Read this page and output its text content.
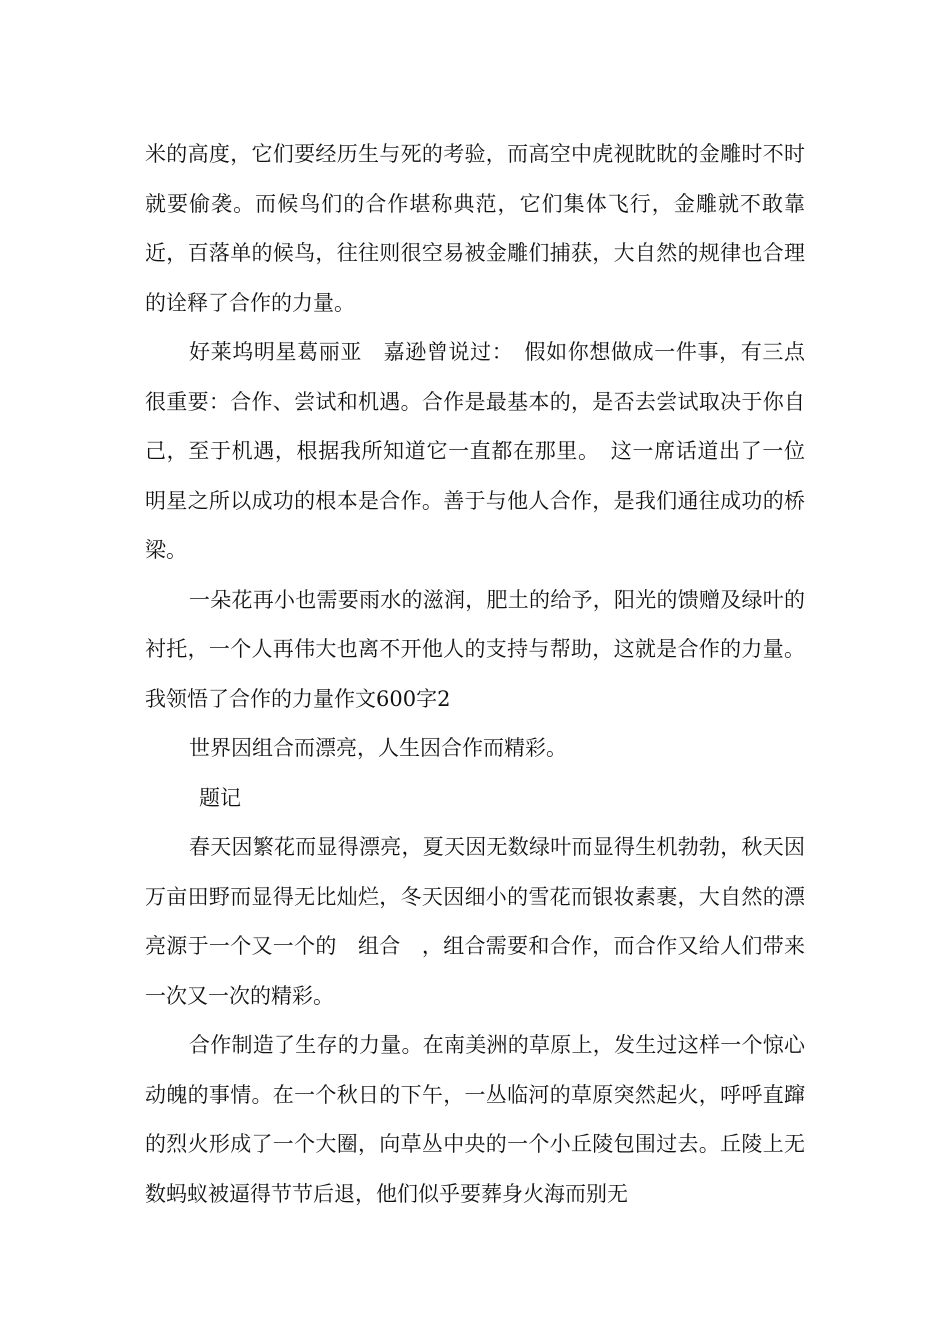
米的高度，它们要经历生与死的考验，而高空中虎视眈眈的金雕时不时就要偷袭。而候鸟们的合作堪称典范，它们集体飞行，金雕就不敢靠近，百落单的候鸟，往往则很空易被金雕们捕获，大自然的规律也合理的诠释了合作的力量。

好莱坞明星葛丽亚　嘉逊曾说过：　假如你想做成一件事，有三点很重要：合作、尝试和机遇。合作是最基本的，是否去尝试取决于你自己，至于机遇，根据我所知道它一直都在那里。　这一席话道出了一位明星之所以成功的根本是合作。善于与他人合作，是我们通往成功的桥梁。

一朵花再小也需要雨水的滋润，肥土的给予，阳光的馈赠及绿叶的衬托，一个人再伟大也离不开他人的支持与帮助，这就是合作的力量。我领悟了合作的力量作文600字2

世界因组合而漂亮，人生因合作而精彩。

题记

春天因繁花而显得漂亮，夏天因无数绿叶而显得生机勃勃，秋天因万亩田野而显得无比灿烂，冬天因细小的雪花而银妆素裹，大自然的漂亮源于一个又一个的　组合　，组合需要和合作，而合作又给人们带来一次又一次的精彩。

合作制造了生存的力量。在南美洲的草原上，发生过这样一个惊心动魄的事情。在一个秋日的下午，一丛临河的草原突然起火，呼呼直蹿的烈火形成了一个大圈，向草丛中央的一个小丘陵包围过去。丘陵上无数蚂蚁被逼得节节后退，他们似乎要葬身火海而别无
